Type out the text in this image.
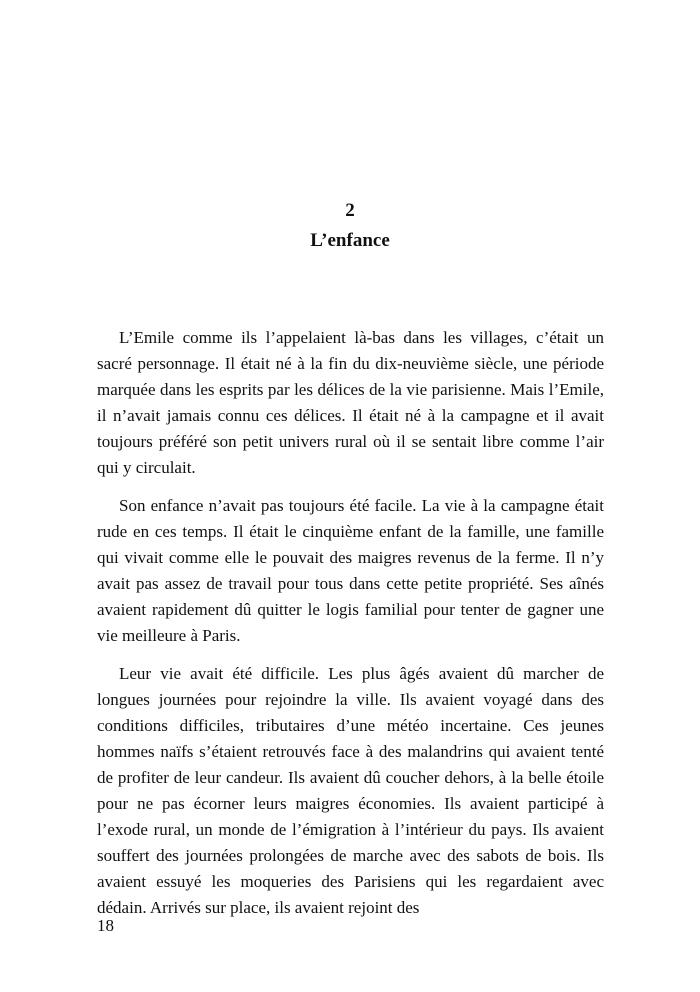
2
L’enfance

L’Emile comme ils l’appelaient là-bas dans les villages, c’était un sacré personnage. Il était né à la fin du dix-neuvième siècle, une période marquée dans les esprits par les délices de la vie parisienne. Mais l’Emile, il n’avait jamais connu ces délices. Il était né à la campagne et il avait toujours préféré son petit univers rural où il se sentait libre comme l’air qui y circulait.

Son enfance n’avait pas toujours été facile. La vie à la campagne était rude en ces temps. Il était le cinquième enfant de la famille, une famille qui vivait comme elle le pouvait des maigres revenus de la ferme. Il n’y avait pas assez de travail pour tous dans cette petite propriété. Ses aînés avaient rapidement dû quitter le logis familial pour tenter de gagner une vie meilleure à Paris.

Leur vie avait été difficile. Les plus âgés avaient dû marcher de longues journées pour rejoindre la ville. Ils avaient voyagé dans des conditions difficiles, tributaires d’une météo incertaine. Ces jeunes hommes naïfs s’étaient retrouvés face à des malandrins qui avaient tenté de profiter de leur candeur. Ils avaient dû coucher dehors, à la belle étoile pour ne pas écorner leurs maigres économies. Ils avaient participé à l’exode rural, un monde de l’émigration à l’intérieur du pays. Ils avaient souffert des journées prolongées de marche avec des sabots de bois. Ils avaient essuyé les moqueries des Parisiens qui les regardaient avec dédain. Arrivés sur place, ils avaient rejoint des

18
